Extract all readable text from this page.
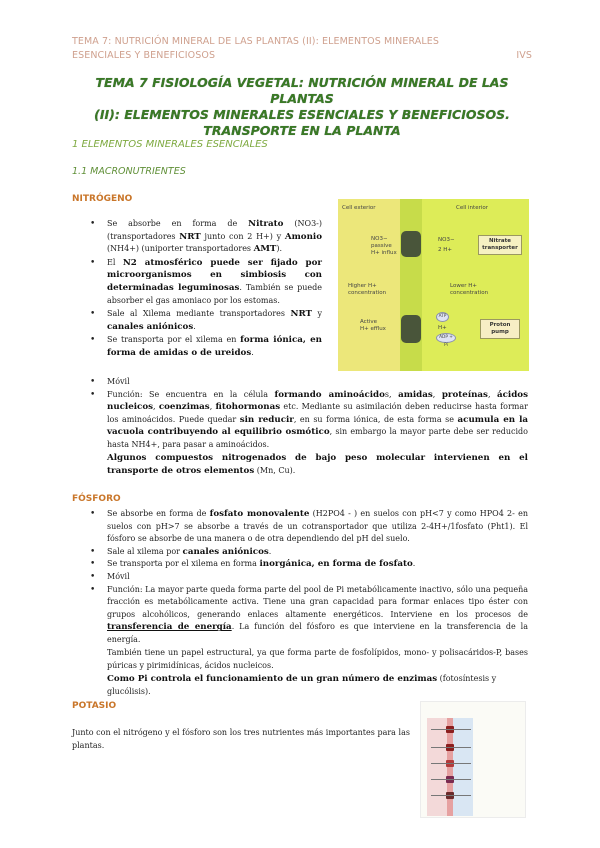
TEMA 7: NUTRICIÓN MINERAL DE LAS PLANTAS (II): ELEMENTOS MINERALES
ESENCIALES Y BENEFICIOSOS	IVS
TEMA 7 FISIOLOGÍA VEGETAL: NUTRICIÓN MINERAL DE LAS PLANTAS
(II): ELEMENTOS MINERALES ESENCIALES Y BENEFICIOSOS.
TRANSPORTE EN LA PLANTA
1 ELEMENTOS MINERALES ESENCIALES
1.1 MACRONUTRIENTES
NITRÓGENO
• Se absorbe en forma de Nitrato (NO3-) (transportadores NRT junto con 2 H+) y Amonio (NH4+) (uniporter transportadores AMT).
• El N2 atmosférico puede ser fijado por microorganismos en simbiosis con determinadas leguminosas. También se puede absorber el gas amoniaco por los estomas.
• Sale al Xilema mediante transportadores NRT y canales aniónicos.
• Se transporta por el xilema en forma iónica, en forma de amidas o de ureidos.
• Móvil
• Función: Se encuentra en la célula formando aminoácidos, amidas, proteínas, ácidos nucleicos, coenzimas, fitohormonas etc. Mediante su asimilación deben reducirse hasta formar los aminoácidos. Puede quedar sin reducir, en su forma iónica, de esta forma se acumula en la vacuola contribuyendo al equilibrio osmótico, sin embargo la mayor parte debe ser reducido hasta NH4+, para pasar a aminoácidos.

Algunos compuestos nitrogenados de bajo peso molecular intervienen en el transporte de otros elementos (Mn, Cu).

Cell exterior	Cell interior
NO3−
passive
H+ influx
NO3−
2 H+
Nitrate transporter
Higher H+
concentration
Lower H+
concentration
Active
H+ efflux
ATP
H+
ADP + Pi
Proton pump
FÓSFORO
• Se absorbe en forma de fosfato monovalente (H2PO4 - ) en suelos con pH<7 y como HPO4 2- en suelos con pH>7 se absorbe a través de un cotransportador que utiliza 2-4H+/1fosfato (Pht1). El fósforo se absorbe de una manera o de otra dependiendo del pH del suelo.
• Sale al xilema por canales aniónicos.
• Se transporta por el xilema en forma inorgánica, en forma de fosfato.
• Móvil
• Función: La mayor parte queda forma parte del pool de Pi metabólicamente inactivo, sólo una pequeña fracción es metabólicamente activa. Tiene una gran capacidad para formar enlaces tipo éster con grupos alcohólicos, generando enlaces altamente energéticos. Interviene en los procesos de transferencia de energía. La función del fósforo es que interviene en la transferencia de la energía.

También tiene un papel estructural, ya que forma parte de fosfolípidos, mono- y polisacáridos-P, bases púricas y pirimidínicas, ácidos nucleicos.

Como Pi controla el funcionamiento de un gran número de enzimas (fotosíntesis y glucólisis).

POTASIO

Junto con el nitrógeno y el fósforo son los tres nutrientes más importantes para las plantas.
